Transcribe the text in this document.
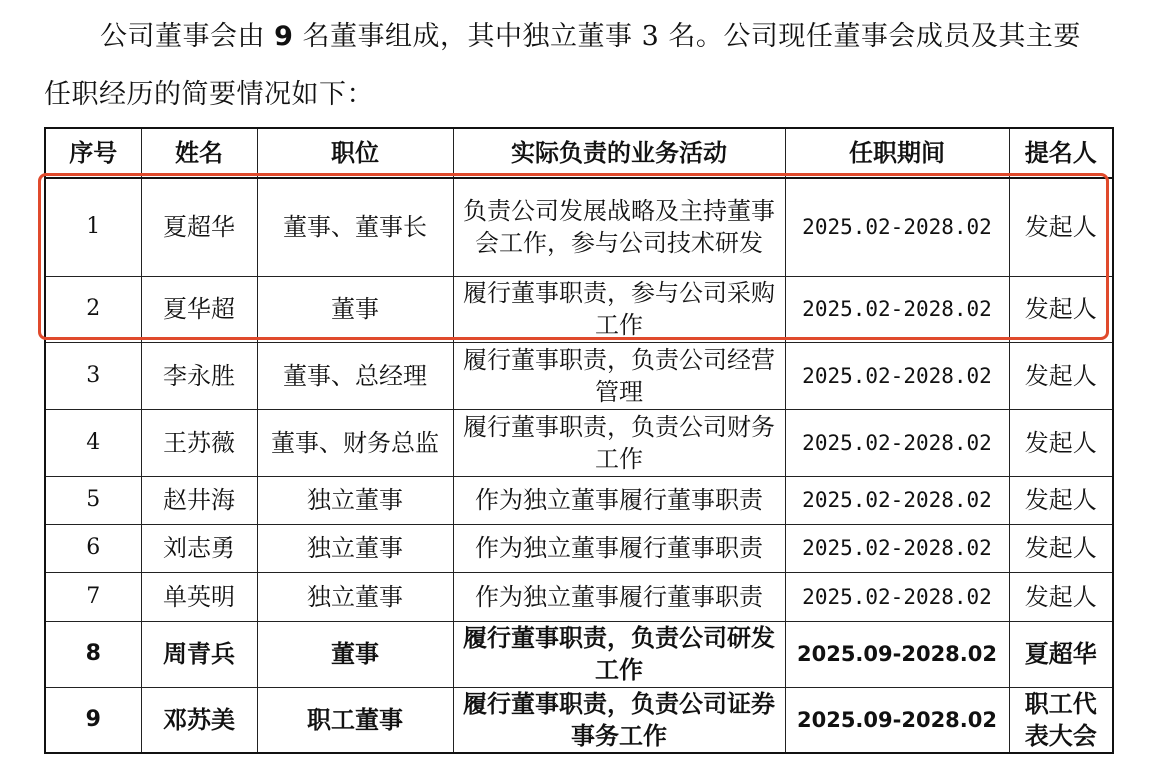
公司董事会由 9 名董事组成，其中独立董事 3 名。公司现任董事会成员及其主要
任职经历的简要情况如下：
序号	姓名	职位	实际负责的业务活动	任职期间	提名人
1	夏超华	董事、董事长	负责公司发展战略及主持董事会工作，参与公司技术研发	2025.02-2028.02	发起人
2	夏华超	董事	履行董事职责，参与公司采购工作	2025.02-2028.02	发起人
3	李永胜	董事、总经理	履行董事职责，负责公司经营管理	2025.02-2028.02	发起人
4	王苏薇	董事、财务总监	履行董事职责，负责公司财务工作	2025.02-2028.02	发起人
5	赵井海	独立董事	作为独立董事履行董事职责	2025.02-2028.02	发起人
6	刘志勇	独立董事	作为独立董事履行董事职责	2025.02-2028.02	发起人
7	单英明	独立董事	作为独立董事履行董事职责	2025.02-2028.02	发起人
8	周青兵	董事	履行董事职责，负责公司研发工作	2025.09-2028.02	夏超华
9	邓苏美	职工董事	履行董事职责，负责公司证券事务工作	2025.09-2028.02	职工代表大会
